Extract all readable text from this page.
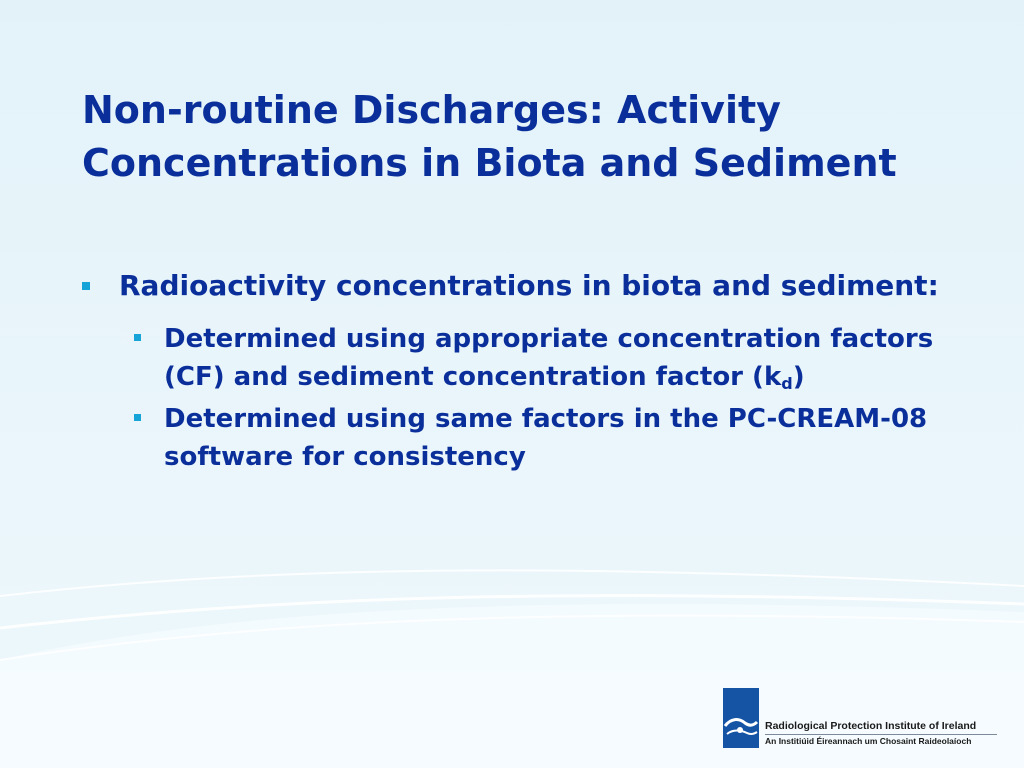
Non-routine Discharges: Activity Concentrations in Biota and Sediment
Radioactivity concentrations in biota and sediment:
Determined using appropriate concentration factors (CF) and sediment concentration factor $(k_d)$
Determined using same factors in the PC-CREAM-08 software for consistency
Radiological Protection Institute of Ireland
An Institiúid Éireannach um Chosaint Raideolaíoch
